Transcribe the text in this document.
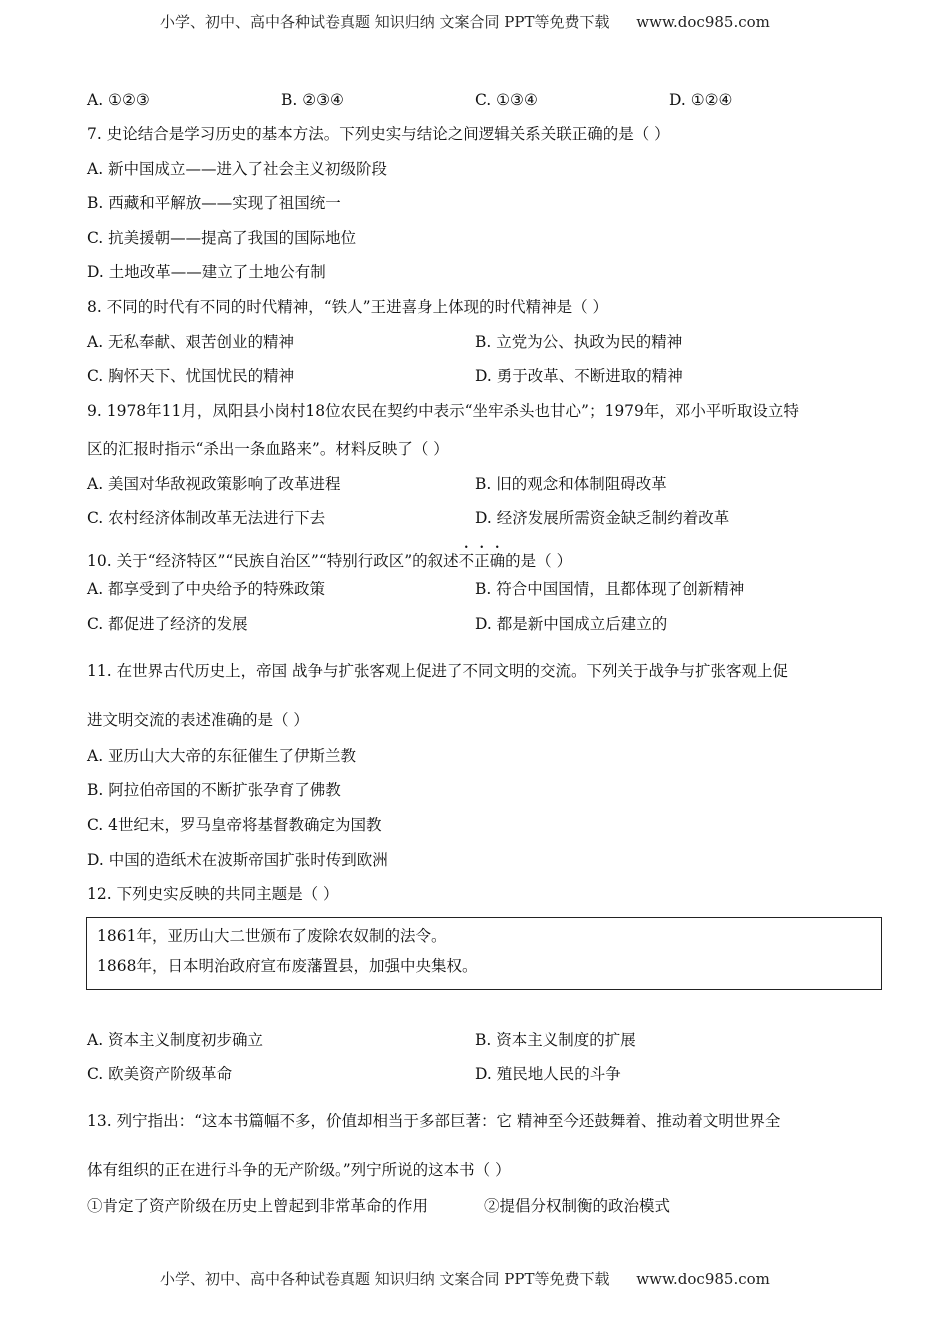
小学、初中、高中各种试卷真题 知识归纳 文案合同 PPT等免费下载 www.doc985.com
A. ①②③	B. ②③④	C. ①③④	D. ①②④
7. 史论结合是学习历史的基本方法。下列史实与结论之间逻辑关系关联正确的是（ ）
A. 新中国成立——进入了社会主义初级阶段
B. 西藏和平解放——实现了祖国统一
C. 抗美援朝——提高了我国的国际地位
D. 土地改革——建立了土地公有制
8. 不同的时代有不同的时代精神，“铁人”王进喜身上体现的时代精神是（ ）
A. 无私奉献、艰苦创业的精神	B. 立党为公、执政为民的精神
C. 胸怀天下、忧国忧民的精神	D. 勇于改革、不断进取的精神
9. 1978年11月，凤阳县小岗村18位农民在契约中表示“坐牢杀头也甘心”；1979年，邓小平听取设立特
区的汇报时指示“杀出一条血路来”。材料反映了（ ）
A. 美国对华敌视政策影响了改革进程	B. 旧的观念和体制阻碍改革
C. 农村经济体制改革无法进行下去	D. 经济发展所需资金缺乏制约着改革
10. 关于“经济特区”“民族自治区”“特别行政区”的叙述不正确的是（ ）
A. 都享受到了中央给予的特殊政策	B. 符合中国国情，且都体现了创新精神
C. 都促进了经济的发展	D. 都是新中国成立后建立的
11. 在世界古代历史上，帝国 战争与扩张客观上促进了不同文明的交流。下列关于战争与扩张客观上促
进文明交流的表述准确的是（ ）
A. 亚历山大大帝的东征催生了伊斯兰教
B. 阿拉伯帝国的不断扩张孕育了佛教
C. 4世纪末，罗马皇帝将基督教确定为国教
D. 中国的造纸术在波斯帝国扩张时传到欧洲
12. 下列史实反映的共同主题是（ ）
1861年，亚历山大二世颁布了废除农奴制的法令。
1868年，日本明治政府宣布废藩置县，加强中央集权。
A. 资本主义制度初步确立	B. 资本主义制度的扩展
C. 欧美资产阶级革命	D. 殖民地人民的斗争
13. 列宁指出：“这本书篇幅不多，价值却相当于多部巨著：它 精神至今还鼓舞着、推动着文明世界全
体有组织的正在进行斗争的无产阶级。”列宁所说的这本书（ ）
①肯定了资产阶级在历史上曾起到非常革命的作用	②提倡分权制衡的政治模式
小学、初中、高中各种试卷真题 知识归纳 文案合同 PPT等免费下载 www.doc985.com
